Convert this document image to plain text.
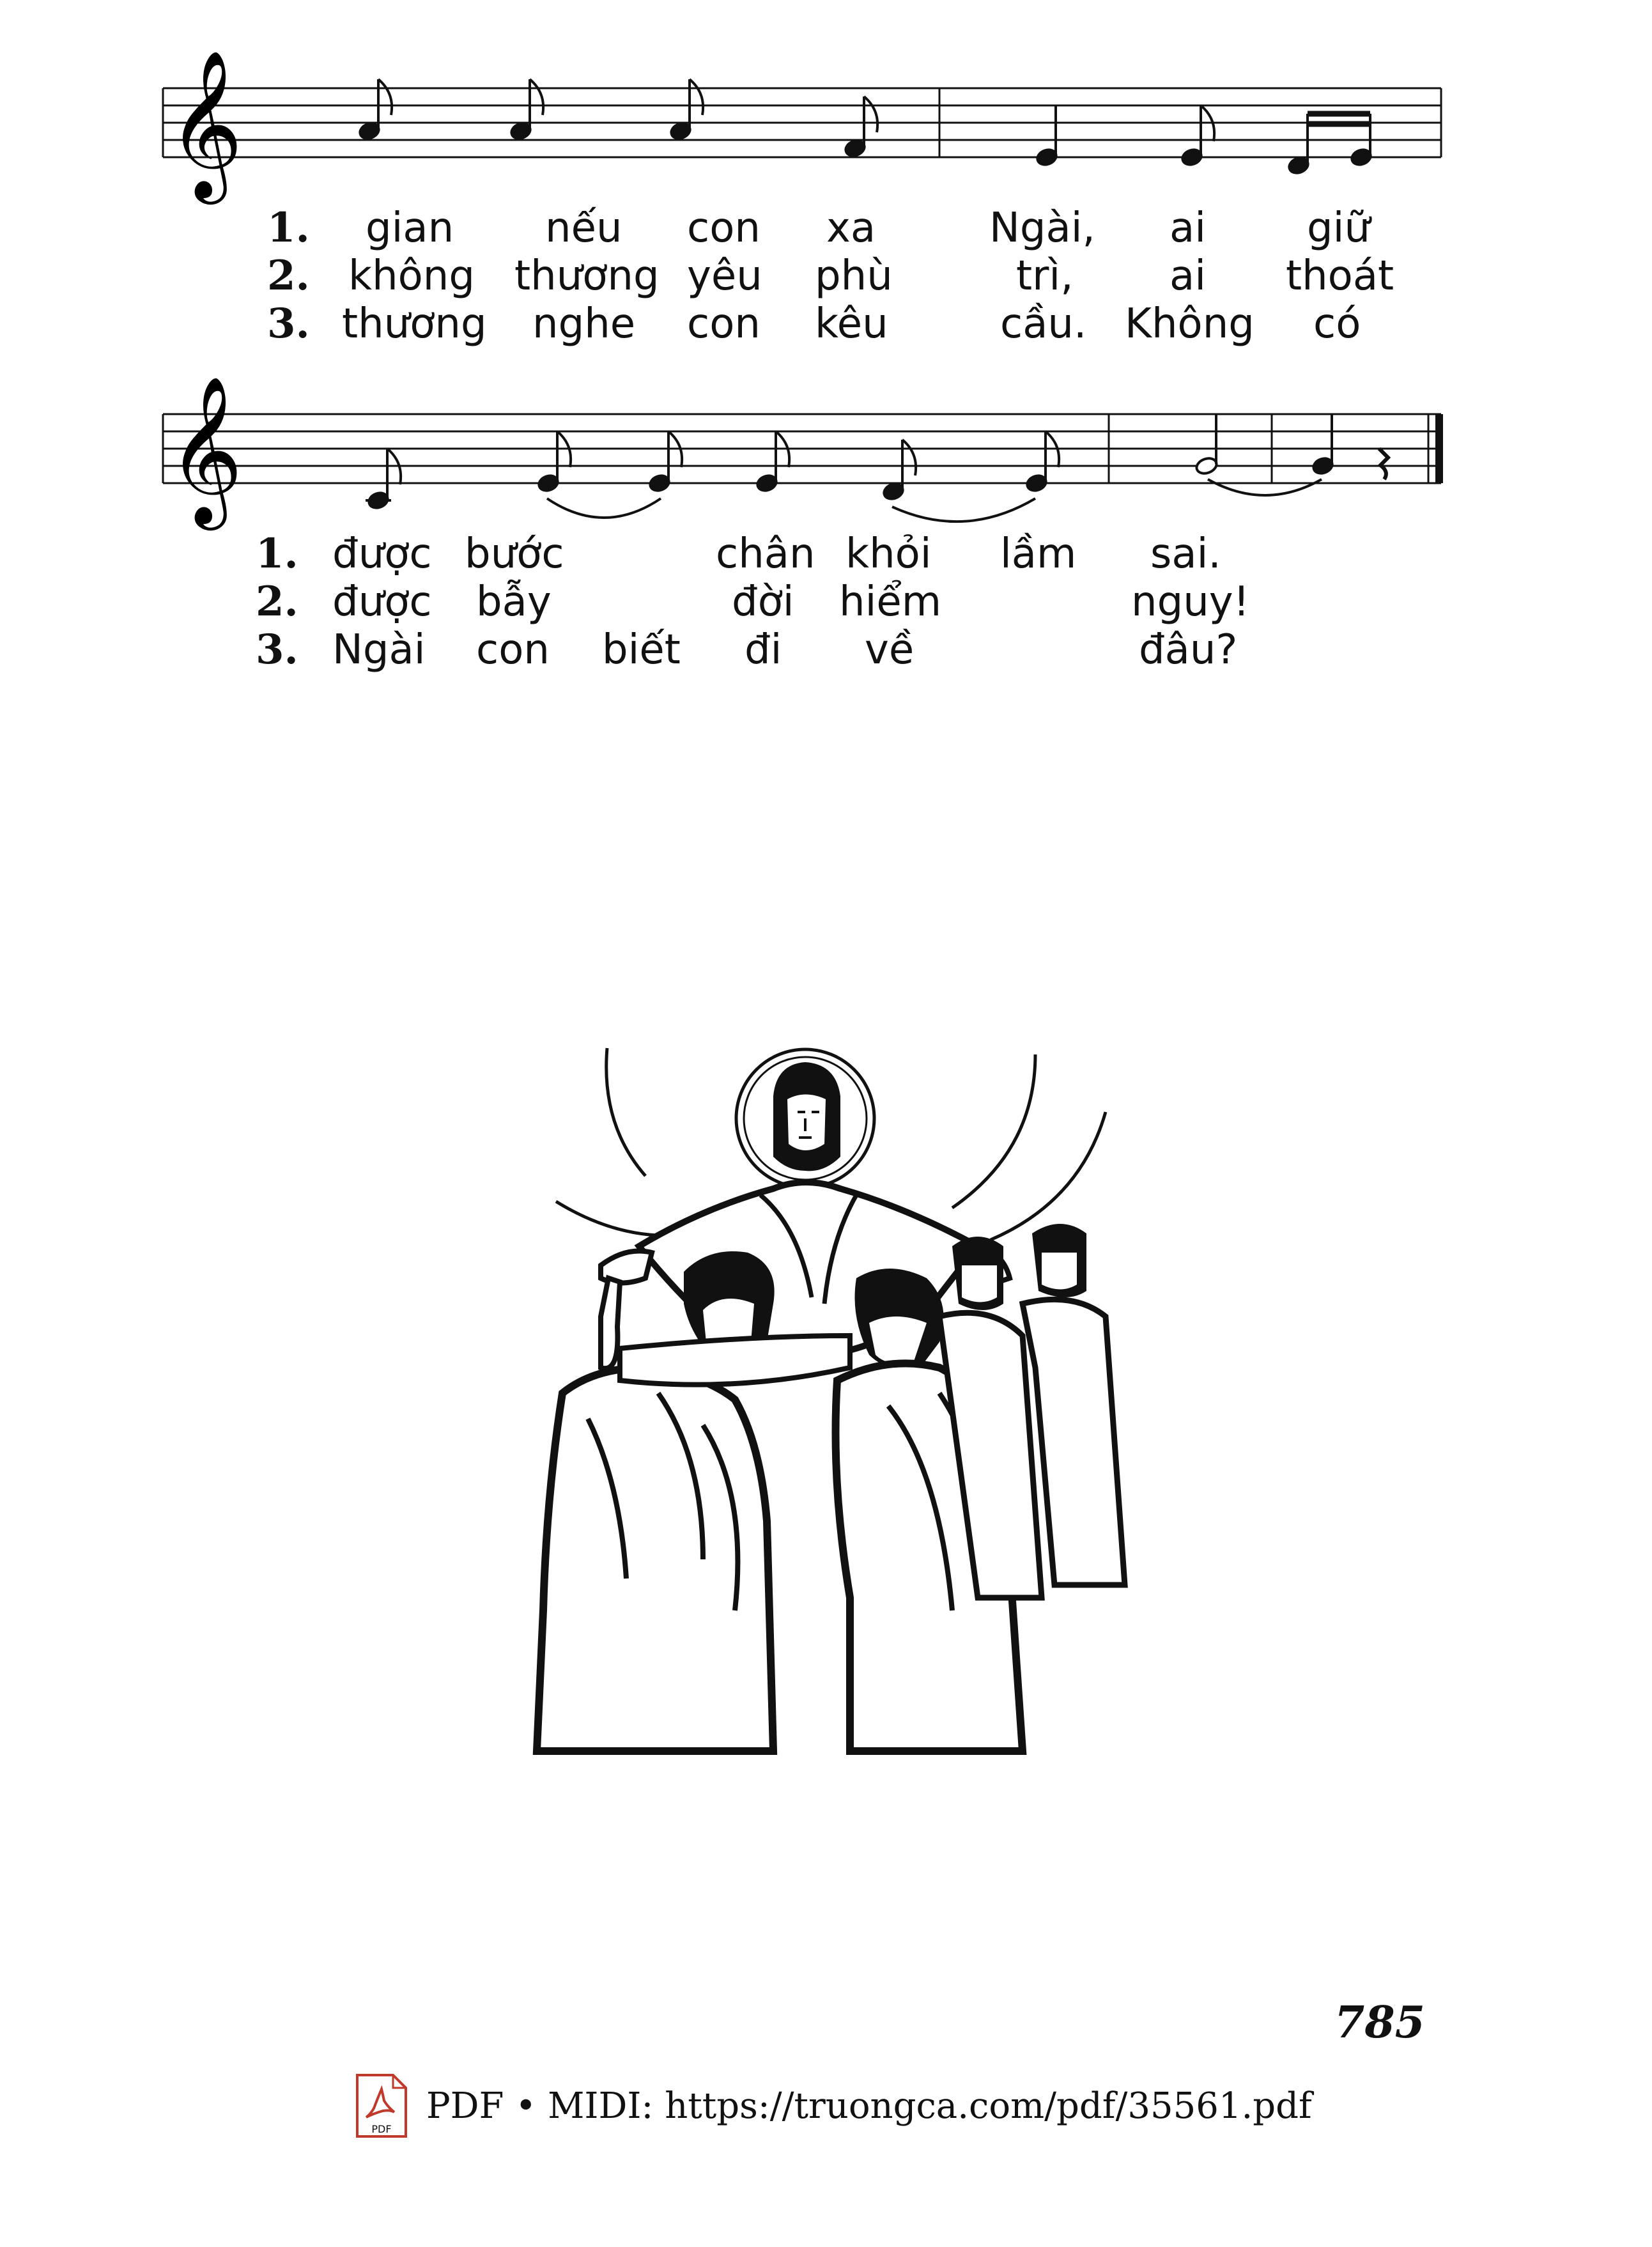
𝄞
1. gian nếu con xa	Ngài, ai giữ
2. không thương yêu phù	trì, ai thoát
3. thương nghe con kêu	cầu. Không có
𝄞
1. được bước	chân khỏi lầm sai.
2. được bẫy	đời hiểm	nguy!
3. Ngài con biết đi về	đâu?
785
PDF
PDF • MIDI: https://truongca.com/pdf/35561.pdf
